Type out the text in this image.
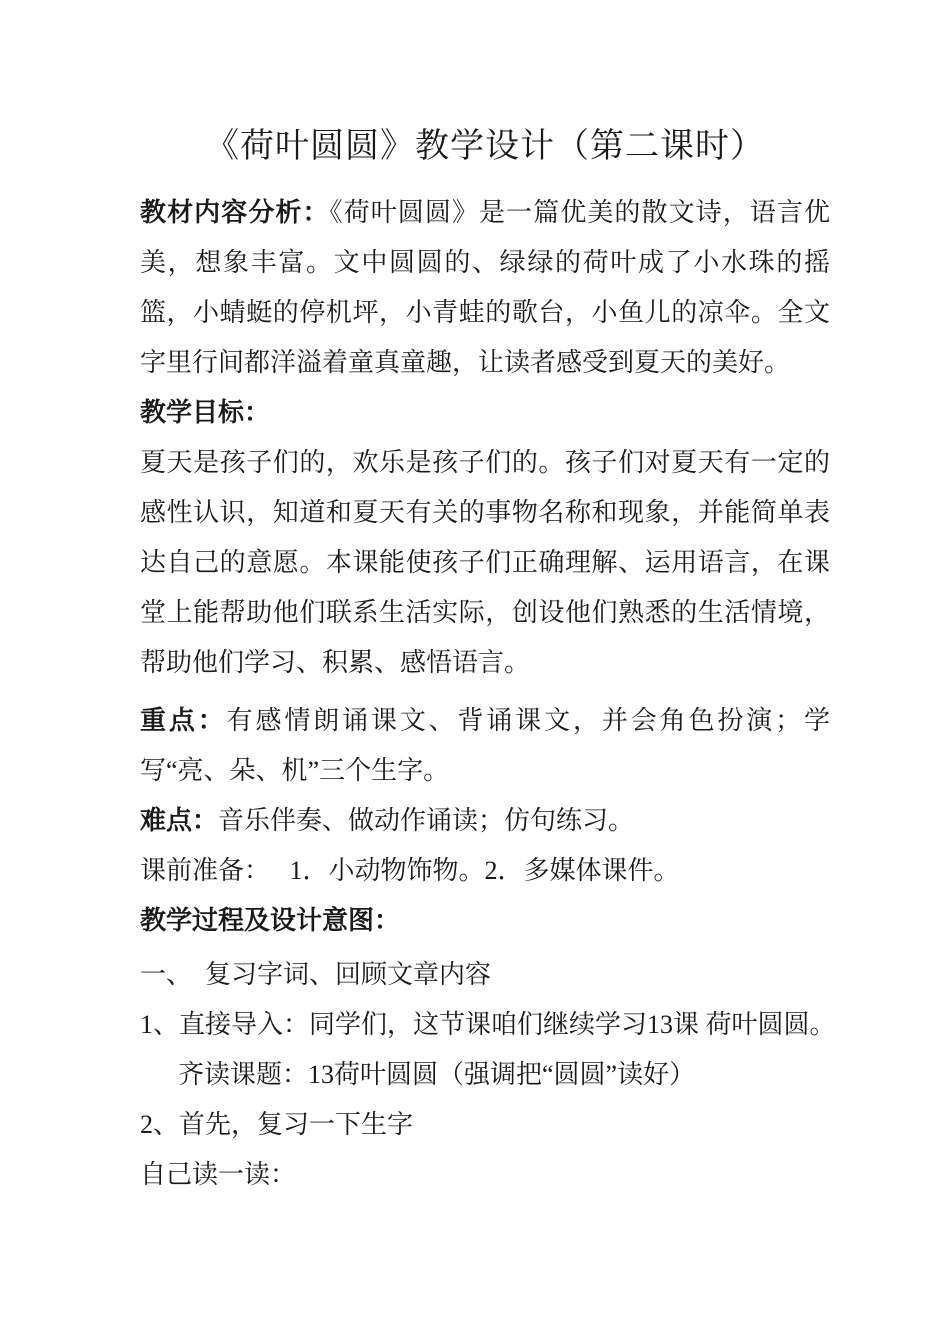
《荷叶圆圆》教学设计（第二课时）

教材内容分析：《荷叶圆圆》是一篇优美的散文诗，语言优美，想象丰富。文中圆圆的、绿绿的荷叶成了小水珠的摇篮，小蜻蜓的停机坪，小青蛙的歌台，小鱼儿的凉伞。全文字里行间都洋溢着童真童趣，让读者感受到夏天的美好。

教学目标：

夏天是孩子们的，欢乐是孩子们的。孩子们对夏天有一定的感性认识，知道和夏天有关的事物名称和现象，并能简单表达自己的意愿。本课能使孩子们正确理解、运用语言，在课堂上能帮助他们联系生活实际，创设他们熟悉的生活情境，帮助他们学习、积累、感悟语言。

重点：有感情朗诵课文、背诵课文，并会角色扮演；学写“亮、朵、机”三个生字。

难点：音乐伴奏、做动作诵读；仿句练习。

课前准备：　 1．小动物饰物。2．多媒体课件。

教学过程及设计意图：

一、　复习字词、回顾文章内容

1、直接导入：同学们，这节课咱们继续学习13课 荷叶圆圆。

齐读课题：13荷叶圆圆（强调把“圆圆”读好）

2、首先，复习一下生字

自己读一读：
